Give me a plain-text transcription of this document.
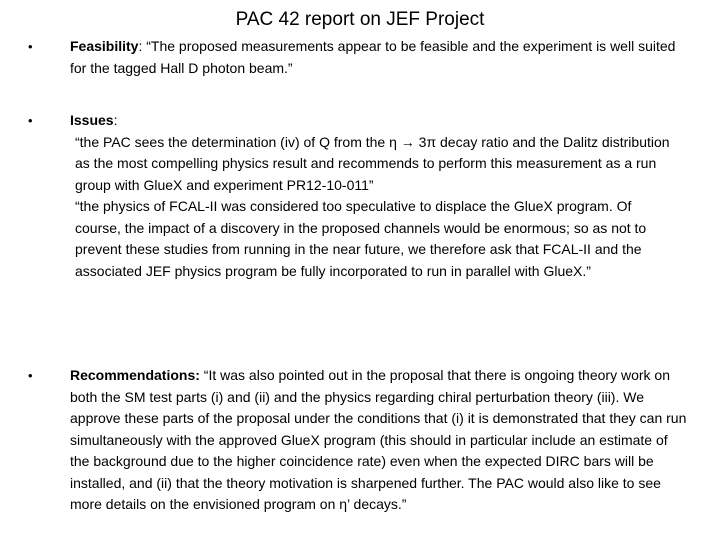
PAC 42 report on JEF Project
•	Feasibility: “The proposed measurements appear to be feasible and the experiment is well suited for the tagged Hall D photon beam.”
•	Issues:
“the PAC sees the determination (iv) of Q from the η → 3π decay ratio and the Dalitz distribution as the most compelling physics result and recommends to perform this measurement as a run group with GlueX and experiment PR12-10-011”
“the physics of FCAL-II was considered too speculative to displace the GlueX program. Of course, the impact of a discovery in the proposed channels would be enormous; so as not to prevent these studies from running in the near future, we therefore ask that FCAL-II and the associated JEF physics program be fully incorporated to run in parallel with GlueX.”
•	Recommendations: “It was also pointed out in the proposal that there is ongoing theory work on both the SM test parts (i) and (ii) and the physics regarding chiral perturbation theory (iii). We approve these parts of the proposal under the conditions that (i) it is demonstrated that they can run simultaneously with the approved GlueX program (this should in particular include an estimate of the background due to the higher coincidence rate) even when the expected DIRC bars will be installed, and (ii) that the theory motivation is sharpened further. The PAC would also like to see more details on the envisioned program on η’ decays.”
